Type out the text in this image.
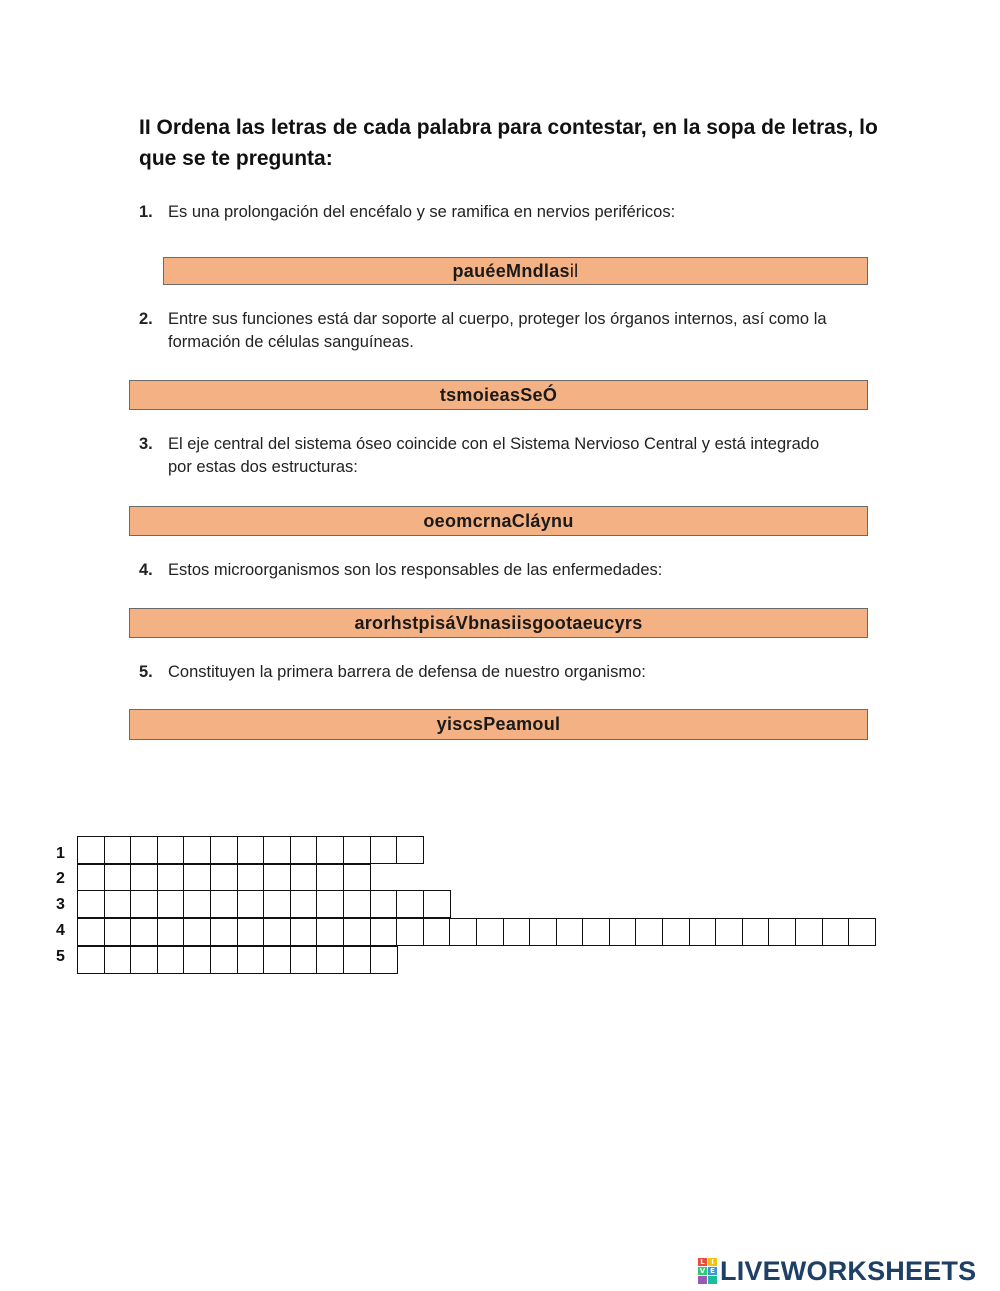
II Ordena las letras de cada palabra para contestar, en la sopa de letras, lo que se te pregunta:
1. Es una prolongación del encéfalo y se ramifica en nervios periféricos:
pauéeMndlas il
2. Entre sus funciones está dar soporte al cuerpo, proteger los órganos internos, así como la formación de células sanguíneas.
tsmoieasSeÓ
3. El eje central del sistema óseo coincide con el Sistema Nervioso Central y está integrado por estas dos estructuras:
oeomcrnaCláynu
4. Estos microorganismos son los responsables de las enfermedades:
arorhstpisáVbnasiisgootaeucyrs
5. Constituyen la primera barrera de defensa de nuestro organismo:
yiscsPeamoul
1
2
3
4
5
L I
V E LIVEWORKSHEETS
